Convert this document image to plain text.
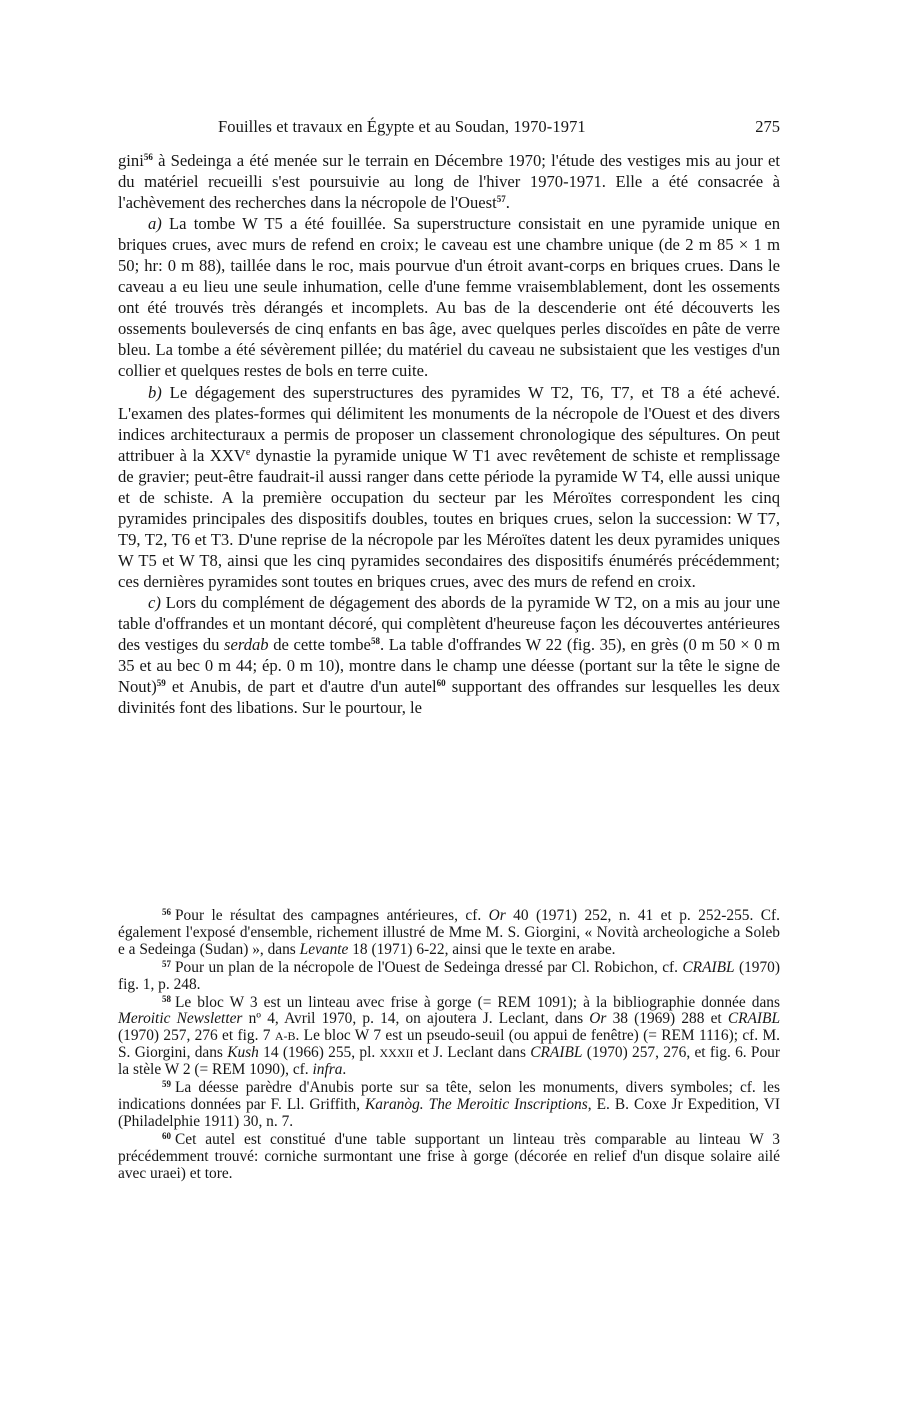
Fouilles et travaux en Égypte et au Soudan, 1970-1971	275

gini$^{56}$ à Sedeinga a été menée sur le terrain en Décembre 1970; l'étude des vestiges mis au jour et du matériel recueilli s'est poursuivie au long de l'hiver 1970-1971. Elle a été consacrée à l'achèvement des recherches dans la nécropole de l'Ouest$^{57}$.

a) La tombe W T5 a été fouillée. Sa superstructure consistait en une pyramide unique en briques crues, avec murs de refend en croix; le caveau est une chambre unique (de 2 m 85 × 1 m 50; hr: 0 m 88), taillée dans le roc, mais pourvue d'un étroit avant-corps en briques crues. Dans le caveau a eu lieu une seule inhumation, celle d'une femme vraisemblablement, dont les ossements ont été trouvés très dérangés et incomplets. Au bas de la descenderie ont été découverts les ossements bouleversés de cinq enfants en bas âge, avec quelques perles discoïdes en pâte de verre bleu. La tombe a été sévèrement pillée; du matériel du caveau ne subsistaient que les vestiges d'un collier et quelques restes de bols en terre cuite.

b) Le dégagement des superstructures des pyramides W T2, T6, T7, et T8 a été achevé. L'examen des plates-formes qui délimitent les monuments de la nécropole de l'Ouest et des divers indices architecturaux a permis de proposer un classement chronologique des sépultures. On peut attribuer à la XXVe dynastie la pyramide unique W T1 avec revêtement de schiste et remplissage de gravier; peut-être faudrait-il aussi ranger dans cette période la pyramide W T4, elle aussi unique et de schiste. A la première occupation du secteur par les Méroïtes correspondent les cinq pyramides principales des dispositifs doubles, toutes en briques crues, selon la succession: W T7, T9, T2, T6 et T3. D'une reprise de la nécropole par les Méroïtes datent les deux pyramides uniques W T5 et W T8, ainsi que les cinq pyramides secondaires des dispositifs énumérés précédemment; ces dernières pyramides sont toutes en briques crues, avec des murs de refend en croix.

c) Lors du complément de dégagement des abords de la pyramide W T2, on a mis au jour une table d'offrandes et un montant décoré, qui complètent d'heureuse façon les découvertes antérieures des vestiges du serdab de cette tombe$^{58}$. La table d'offrandes W 22 (fig. 35), en grès (0 m 50 × 0 m 35 et au bec 0 m 44; ép. 0 m 10), montre dans le champ une déesse (portant sur la tête le signe de Nout)$^{59}$ et Anubis, de part et d'autre d'un autel$^{60}$ supportant des offrandes sur lesquelles les deux divinités font des libations. Sur le pourtour, le

$^{56}$ Pour le résultat des campagnes antérieures, cf. Or 40 (1971) 252, n. 41 et p. 252-255. Cf. également l'exposé d'ensemble, richement illustré de Mme M. S. Giorgini, « Novità archeologiche a Soleb e a Sedeinga (Sudan) », dans Levante 18 (1971) 6-22, ainsi que le texte en arabe.

$^{57}$ Pour un plan de la nécropole de l'Ouest de Sedeinga dressé par Cl. Robichon, cf. CRAIBL (1970) fig. 1, p. 248.

$^{58}$ Le bloc W 3 est un linteau avec frise à gorge (= REM 1091); à la bibliographie donnée dans Meroitic Newsletter nº 4, Avril 1970, p. 14, on ajoutera J. Leclant, dans Or 38 (1969) 288 et CRAIBL (1970) 257, 276 et fig. 7 A-B. Le bloc W 7 est un pseudo-seuil (ou appui de fenêtre) (= REM 1116); cf. M. S. Giorgini, dans Kush 14 (1966) 255, pl. XXXII et J. Leclant dans CRAIBL (1970) 257, 276, et fig. 6. Pour la stèle W 2 (= REM 1090), cf. infra.

$^{59}$ La déesse parèdre d'Anubis porte sur sa tête, selon les monuments, divers symboles; cf. les indications données par F. Ll. Griffith, Karanòg. The Meroitic Inscriptions, E. B. Coxe Jr Expedition, VI (Philadelphie 1911) 30, n. 7.

$^{60}$ Cet autel est constitué d'une table supportant un linteau très comparable au linteau W 3 précédemment trouvé: corniche surmontant une frise à gorge (décorée en relief d'un disque solaire ailé avec uraei) et tore.
